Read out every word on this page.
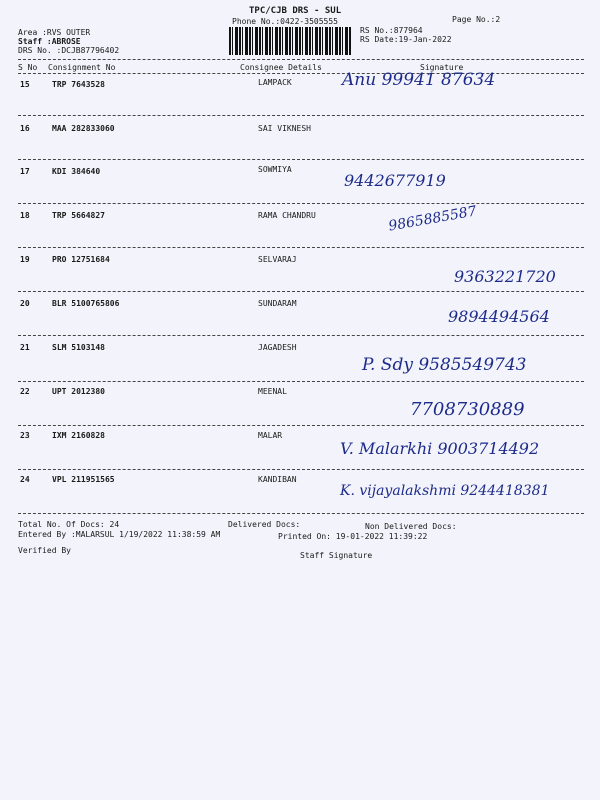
TPC/CJB DRS - SUL
Phone No.:0422-3505555	Page No.:2
Area :RVS OUTER
Staff :ABROSE
DRS No. :DCJB87796402
RS No.:877964
RS Date:19-Jan-2022
S No Consignment No	Consignee Details	Signature
15	TRP 7643528	LAMPACK	Anu 99941 87634
16	MAA 282833060	SAI VIKNESH
17	KDI 384640	SOWMIYA
9442677919
18	TRP 5664827	RAMA CHANDRU	9865885587
19	PRO 12751684	SELVARAJ
9363221720
20	BLR 5100765806	SUNDARAM
9894494564
21	SLM 5103148	JAGADESH
P. Sdy 9585549743
22	UPT 2012380	MEENAL
7708730889
23	IXM 2160828	MALAR
V. Malarkhi 9003714492
24	VPL 211951565	KANDIBAN
K. vijayalakshmi 9244418381
Total No. Of Docs: 24	Delivered Docs:	Non Delivered Docs:
Entered By :MALARSUL 1/19/2022 11:38:59 AM	Printed On: 19-01-2022 11:39:22
Verified By
Staff Signature
